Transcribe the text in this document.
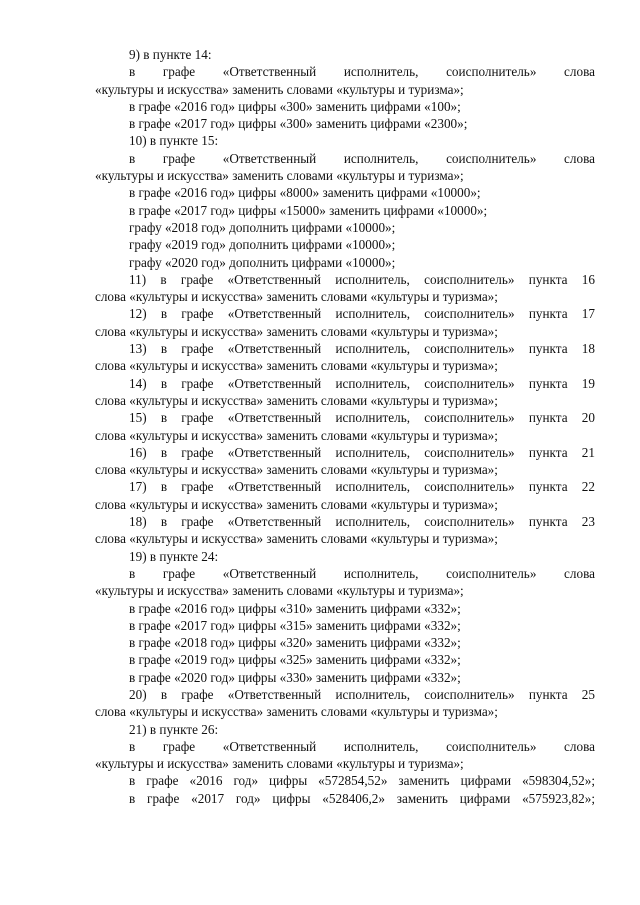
9) в пункте 14:
в графе «Ответственный исполнитель, соисполнитель» слова
«культуры и искусства» заменить словами «культуры и туризма»;
в графе «2016 год» цифры «300» заменить цифрами «100»;
в графе «2017 год» цифры «300» заменить цифрами «2300»;
10) в пункте 15:
в графе «Ответственный исполнитель, соисполнитель» слова
«культуры и искусства» заменить словами «культуры и туризма»;
в графе «2016 год» цифры «8000» заменить цифрами «10000»;
в графе «2017 год» цифры «15000» заменить цифрами «10000»;
графу «2018 год» дополнить цифрами «10000»;
графу «2019 год» дополнить цифрами «10000»;
графу «2020 год» дополнить цифрами «10000»;
11) в графе «Ответственный исполнитель, соисполнитель» пункта 16
слова «культуры и искусства» заменить словами «культуры и туризма»;
12) в графе «Ответственный исполнитель, соисполнитель» пункта 17
слова «культуры и искусства» заменить словами «культуры и туризма»;
13) в графе «Ответственный исполнитель, соисполнитель» пункта 18
слова «культуры и искусства» заменить словами «культуры и туризма»;
14) в графе «Ответственный исполнитель, соисполнитель» пункта 19
слова «культуры и искусства» заменить словами «культуры и туризма»;
15) в графе «Ответственный исполнитель, соисполнитель» пункта 20
слова «культуры и искусства» заменить словами «культуры и туризма»;
16) в графе «Ответственный исполнитель, соисполнитель» пункта 21
слова «культуры и искусства» заменить словами «культуры и туризма»;
17) в графе «Ответственный исполнитель, соисполнитель» пункта 22
слова «культуры и искусства» заменить словами «культуры и туризма»;
18) в графе «Ответственный исполнитель, соисполнитель» пункта 23
слова «культуры и искусства» заменить словами «культуры и туризма»;
19) в пункте 24:
в графе «Ответственный исполнитель, соисполнитель» слова
«культуры и искусства» заменить словами «культуры и туризма»;
в графе «2016 год» цифры «310» заменить цифрами «332»;
в графе «2017 год» цифры «315» заменить цифрами «332»;
в графе «2018 год» цифры «320» заменить цифрами «332»;
в графе «2019 год» цифры «325» заменить цифрами «332»;
в графе «2020 год» цифры «330» заменить цифрами «332»;
20) в графе «Ответственный исполнитель, соисполнитель» пункта 25
слова «культуры и искусства» заменить словами «культуры и туризма»;
21) в пункте 26:
в графе «Ответственный исполнитель, соисполнитель» слова
«культуры и искусства» заменить словами «культуры и туризма»;
в графе «2016 год» цифры «572854,52» заменить цифрами «598304,52»;
в графе «2017 год» цифры «528406,2» заменить цифрами «575923,82»;
